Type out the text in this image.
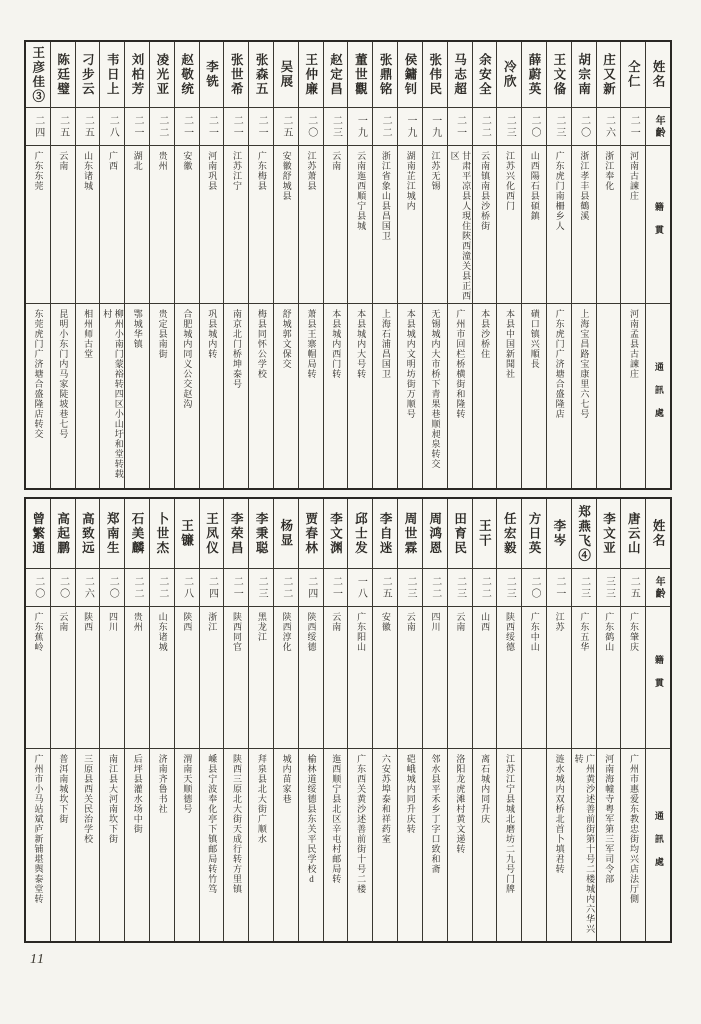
姓名
年齡
籍貫
通訊處
仝仁
二一
河南古諫庄
河南孟县古諫庄
庄又新
二六
浙江奉化
胡宗南
二〇
浙江孝丰县鶴溪
上海宝昌路宝康里六七号
王文俻
二三
广东虎门南柵乡人
广东虎门广济塘合盛隆店
薛蔚英
二〇
山西陽石县碩鎮
磧口镇兴順長
冷欣
二三
江苏兴化西门
本县中国新聞社
余安全
二二
云南镇南县沙桥街
本县沙桥住
马志超
二一
甘肃平凉县人現住陝西潼关县正西区
广州市回栏桥横街和隆转
张伟民
一九
江苏无锡
无锡城内大市桥下青果巷顺昶泉转交
侯鏞钊
一九
湖南芷江城内
本县城内文明坊街万顺号
张鼎铭
二二
浙江省象山县昌国卫
上海石浦昌国卫
董世觀
一九
云南迤西順宁县城
本县城内大号转
赵定昌
二三
云南
本县城内西门转
王仲廉
二〇
江苏萧县
萧县王寨帽局转
吴展
二五
安徽舒城县
舒城郭文保交
张森五
二一
广东梅县
梅县同怀公学校
张世希
二一
江苏江宁
南京北门桥坤泰号
李铣
二一
河南巩县
巩县城内转
赵敬统
二一
安徽
合肥城内同义公交赵沟
凌光亚
二二
贵州
贵定县南街
刘柏芳
二一
湖北
鄂城华镇
韦日上
二八
广西
柳州小南门蒙裕转四区小山圩和堂转载村
刁步云
二五
山东诸城
相州师古堂
陈廷璧
二五
云南
昆明小东门内马家陡坡巷七号
王彦佳③
二四
广东东莞
东莞虎门广济塘合盛隆店转交
姓名
年齡
籍貫
通訊處
唐云山
二五
广东肇庆
广州市惠爱东教忠街均兴店法厅側
李文亚
三三
广东鹤山
河南海幢寺粤军第三军司令部
郑燕飞④
二三
广东五华
广州黄沙述善前街第十号二楼城内六华兴转
李岑
二一
江苏
涟水城内双桥北首卜填君转
方日英
二〇
广东中山
任宏毅
二三
陕西绥德
江苏江宁县城北磨坊二九号门牌
王干
二二
山西
离石城内同升庆
田育民
二三
云南
洛阳龙虎滩村黄文递转
周鸿恩
二二
四川
邻水县平禾乡丁字口致和斋
周世霖
二三
云南
硙峨城内同升庆转
李自迷
二五
安徽
六安苏埠泰和祥药室
邱士发
一八
广东阳山
广东西关黄沙述善前街十号二楼
李文渊
二一
云南
迤西顺宁县北区辛屯村邮局转
贾春林
二四
陕西绥德
榆林道绥德县东关平民学校d
杨显
二二
陕西淳化
城内苗家巷
李秉聪
二三
黑龙江
拜泉县北大街广顺水
李荣昌
二一
陕西同官
陕西三原北大街天成行转方里镇
王凤仪
二四
浙江
嵊县宁波奉化亭下镇邮局转竹笃
王镰
二八
陕西
渭南天顺德号
卜世杰
二二
山东诸城
济南齐鲁书社
石美麟
二二
贵州
后坪县灌水场中街
郑南生
二〇
四川
南江县大河南坎下街
高致远
二六
陕西
三原县西关民治学校
高起鹏
二〇
云南
普洱南城坎下街
曾繁通
二〇
广东蕉岭
广州市小马站斌庐新铺堪舆泰堂转
11
